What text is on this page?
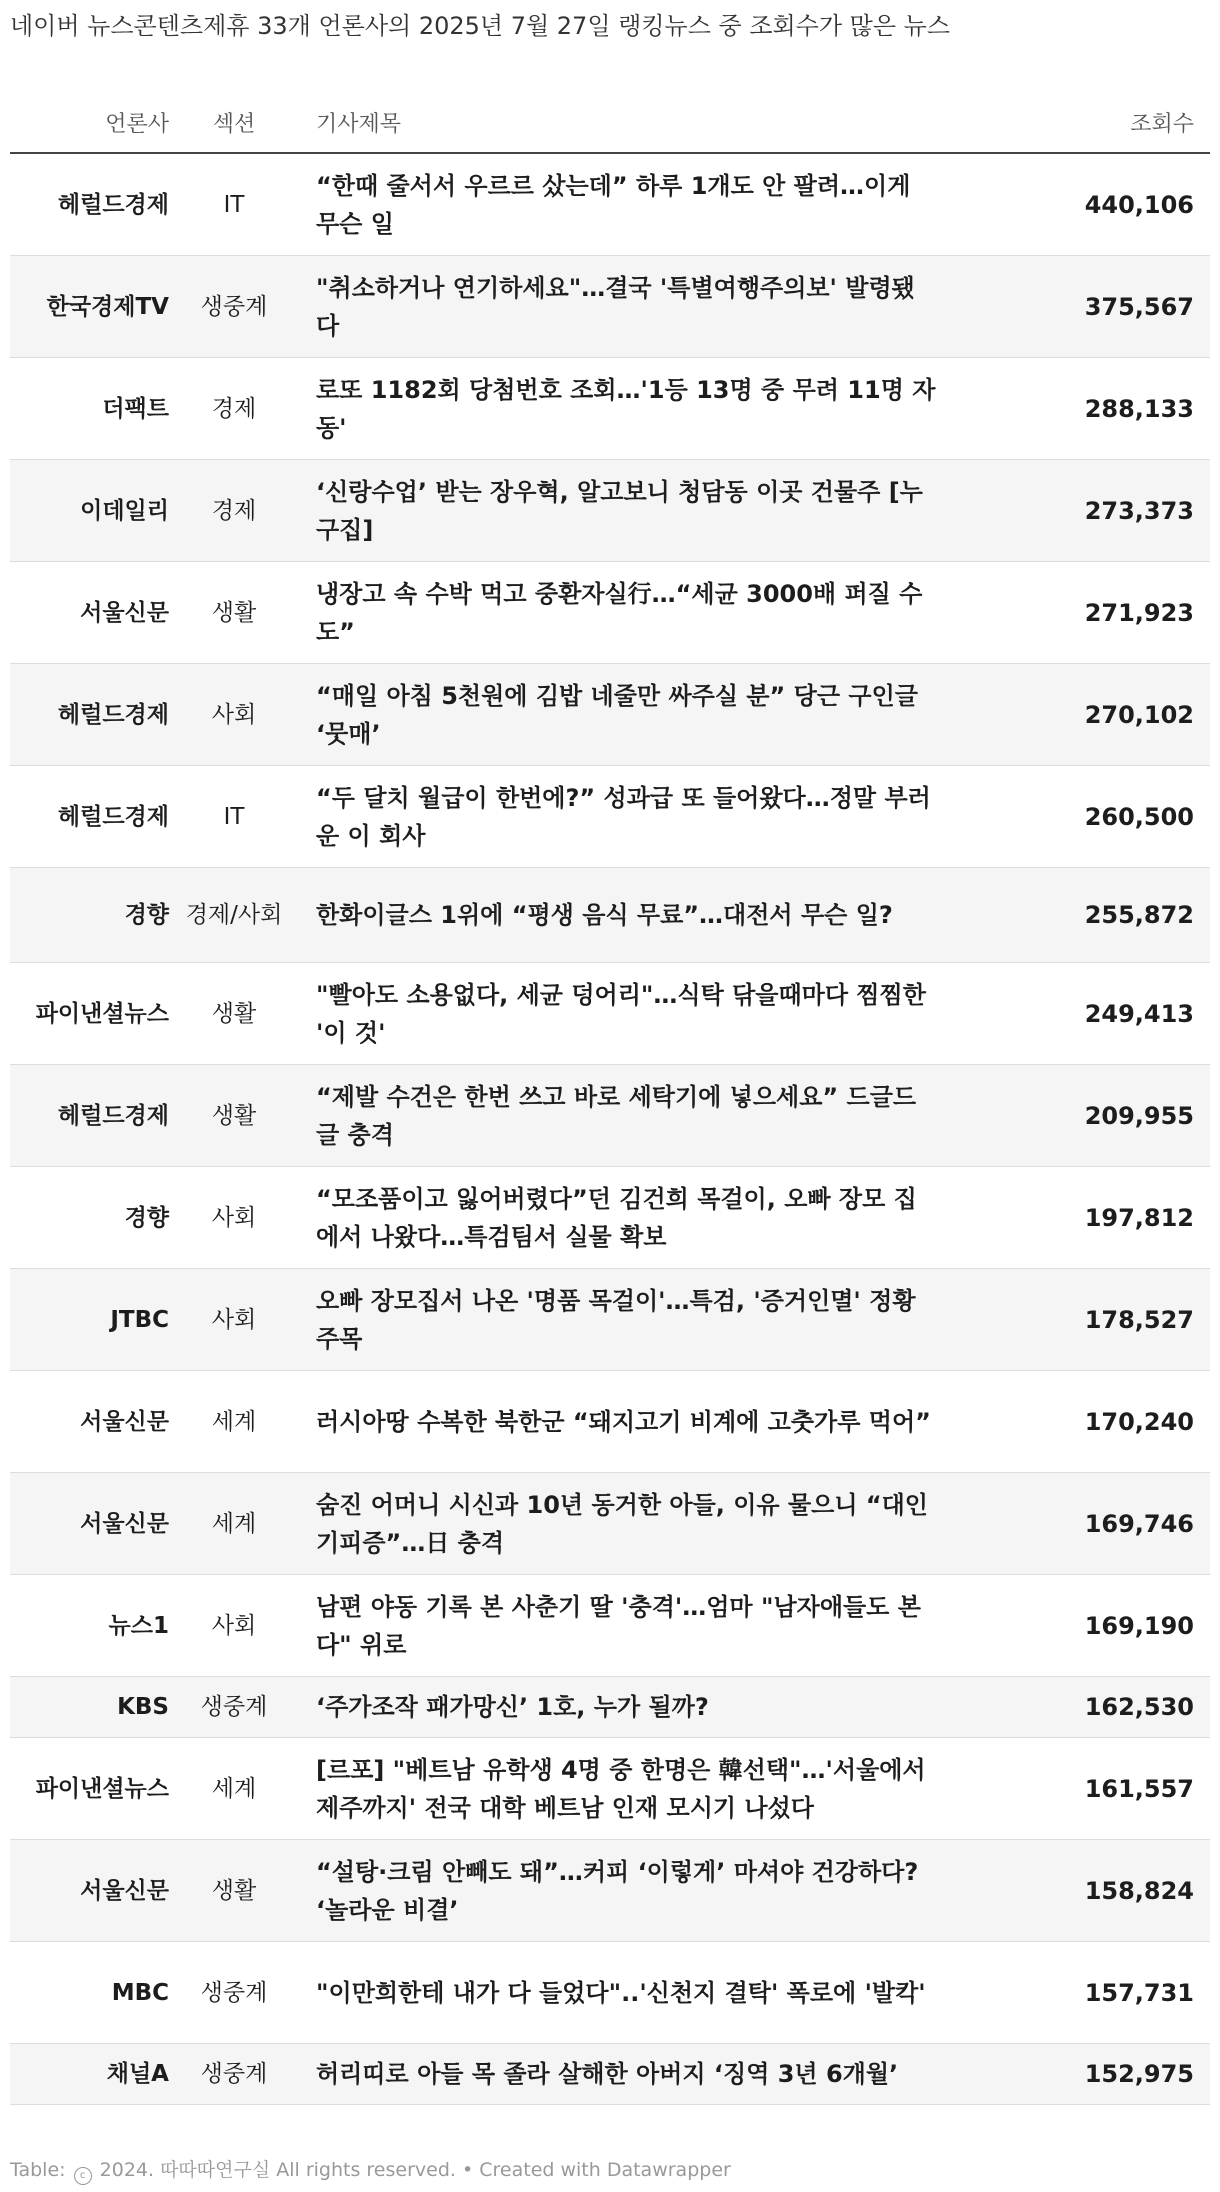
네이버 뉴스콘텐츠제휴 33개 언론사의 2025년 7월 27일 랭킹뉴스 중 조회수가 많은 뉴스
언론사	섹션	기사제목	조회수
헤럴드경제	IT	“한때 줄서서 우르르 샀는데” 하루 1개도 안 팔려…이게 무슨 일	440,106
한국경제TV	생중계	"취소하거나 연기하세요"…결국 '특별여행주의보' 발령됐다	375,567
더팩트	경제	로또 1182회 당첨번호 조회…'1등 13명 중 무려 11명 자동'	288,133
이데일리	경제	‘신랑수업’ 받는 장우혁, 알고보니 청담동 이곳 건물주 [누구집]	273,373
서울신문	생활	냉장고 속 수박 먹고 중환자실行…“세균 3000배 퍼질 수도”	271,923
헤럴드경제	사회	“매일 아침 5천원에 김밥 네줄만 싸주실 분” 당근 구인글 ‘뭇매’	270,102
헤럴드경제	IT	“두 달치 월급이 한번에?” 성과급 또 들어왔다…정말 부러운 이 회사	260,500
경향	경제/사회	한화이글스 1위에 “평생 음식 무료”…대전서 무슨 일?	255,872
파이낸셜뉴스	생활	"빨아도 소용없다, 세균 덩어리"…식탁 닦을때마다 찜찜한 '이 것'	249,413
헤럴드경제	생활	“제발 수건은 한번 쓰고 바로 세탁기에 넣으세요” 드글드글 충격	209,955
경향	사회	“모조품이고 잃어버렸다”던 김건희 목걸이, 오빠 장모 집에서 나왔다…특검팀서 실물 확보	197,812
JTBC	사회	오빠 장모집서 나온 '명품 목걸이'…특검, '증거인멸' 정황 주목	178,527
서울신문	세계	러시아땅 수복한 북한군 “돼지고기 비계에 고춧가루 먹어”	170,240
서울신문	세계	숨진 어머니 시신과 10년 동거한 아들, 이유 물으니 “대인기피증”…日 충격	169,746
뉴스1	사회	남편 야동 기록 본 사춘기 딸 '충격'…엄마 "남자애들도 본다" 위로	169,190
KBS	생중계	‘주가조작 패가망신’ 1호, 누가 될까?	162,530
파이낸셜뉴스	세계	[르포] "베트남 유학생 4명 중 한명은 韓선택"…'서울에서 제주까지' 전국 대학 베트남 인재 모시기 나섰다	161,557
서울신문	생활	“설탕·크림 안빼도 돼”…커피 ‘이렇게’ 마셔야 건강하다? ‘놀라운 비결’	158,824
MBC	생중계	"이만희한테 내가 다 들었다"..'신천지 결탁' 폭로에 '발칵'	157,731
채널A	생중계	허리띠로 아들 목 졸라 살해한 아버지 ‘징역 3년 6개월’	152,975
Table: c 2024. 따따따연구실 All rights reserved. • Created with Datawrapper
